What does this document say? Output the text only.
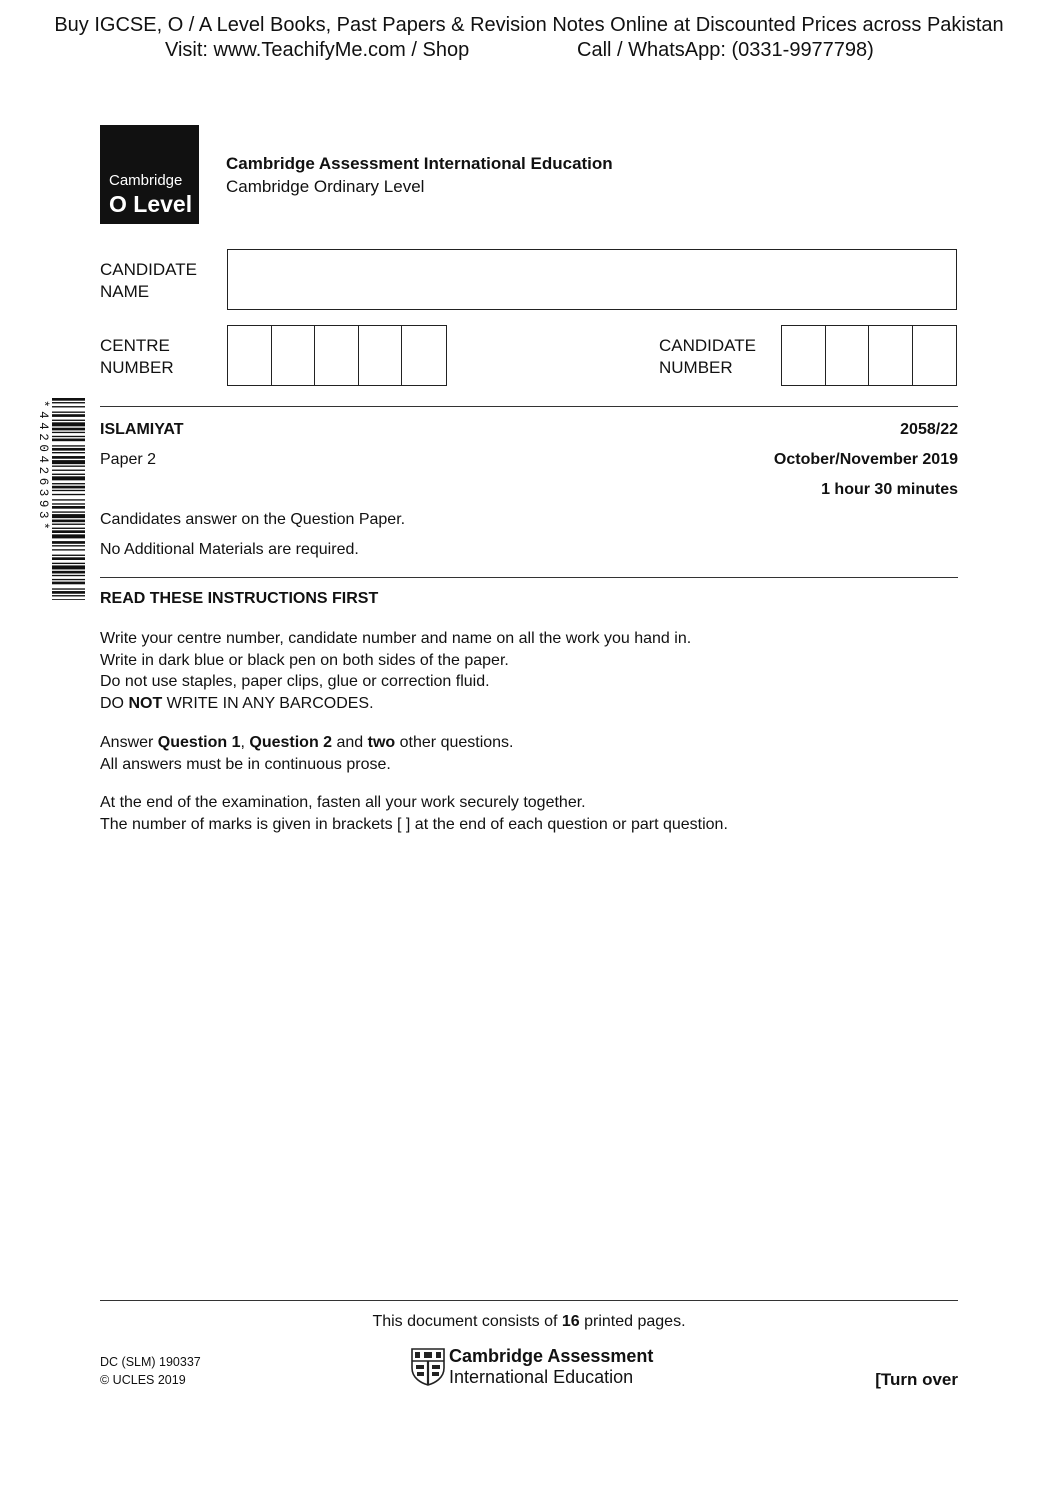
Buy IGCSE, O / A Level Books, Past Papers & Revision Notes Online at Discounted Prices across Pakistan
Visit: www.TeachifyMe.com / Shop	Call / WhatsApp: (0331-9977798)
Cambridge
O Level
Cambridge Assessment International Education
Cambridge Ordinary Level
CANDIDATE
NAME
CENTRE
NUMBER
CANDIDATE
NUMBER
*4420426393*	ISLAMIYAT	2058/22
Paper 2	October/November 2019
1 hour 30 minutes
Candidates answer on the Question Paper.
No Additional Materials are required.
READ THESE INSTRUCTIONS FIRST
Write your centre number, candidate number and name on all the work you hand in.
Write in dark blue or black pen on both sides of the paper.
Do not use staples, paper clips, glue or correction fluid.
DO NOT WRITE IN ANY BARCODES.
Answer Question 1, Question 2 and two other questions.
All answers must be in continuous prose.
At the end of the examination, fasten all your work securely together.
The number of marks is given in brackets [ ] at the end of each question or part question.
This document consists of 16 printed pages.
DC (SLM) 190337
© UCLES 2019
Cambridge Assessment
International Education	[Turn over
